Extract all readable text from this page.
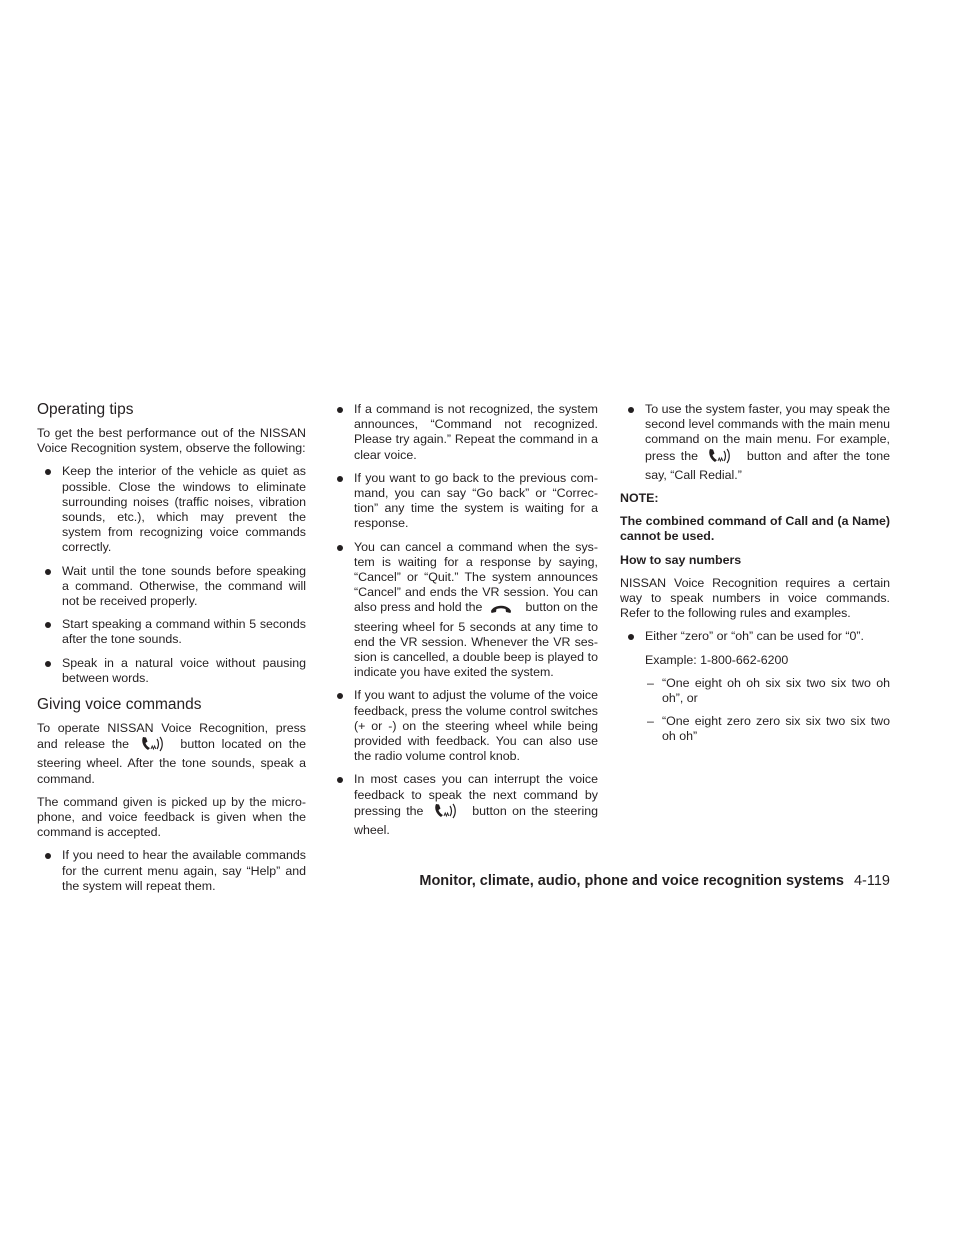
Operating tips

To get the best performance out of the NISSAN Voice Recognition system, observe the following:

Keep the interior of the vehicle as quiet as possible. Close the windows to eliminate surrounding noises (traffic noises, vibration sounds, etc.), which may prevent the system from recognizing voice commands correctly.
Wait until the tone sounds before speaking a command. Otherwise, the command will not be received properly.
Start speaking a command within 5 seconds after the tone sounds.
Speak in a natural voice without pausing between words.
Giving voice commands

To operate NISSAN Voice Recognition, press and release the	button located on the steering wheel. After the tone sounds, speak a command.

The command given is picked up by the micro-phone, and voice feedback is given when the command is accepted.

If you need to hear the available commands for the current menu again, say “Help” and the system will repeat them.
If a command is not recognized, the system announces, “Command not recognized. Please try again.” Repeat the command in a clear voice.
If you want to go back to the previous com-mand, you can say “Go back” or “Correc-tion” any time the system is waiting for a response.
You can cancel a command when the sys-tem is waiting for a response by saying, “Cancel” or “Quit.” The system announces “Cancel” and ends the VR session. You can also press and hold the	button on the steering wheel for 5 seconds at any time to end the VR session. Whenever the VR ses-sion is cancelled, a double beep is played to indicate you have exited the system.
If you want to adjust the volume of the voice feedback, press the volume control switches (+ or -) on the steering wheel while being provided with feedback. You can also use the radio volume control knob.
In most cases you can interrupt the voice feedback to speak the next command by pressing the	button on the steering wheel.
To use the system faster, you may speak the second level commands with the main menu command on the main menu. For example, press the	button and after the tone say, “Call Redial.”

NOTE:

The combined command of Call and (a Name) cannot be used.

How to say numbers

NISSAN Voice Recognition requires a certain way to speak numbers in voice commands. Refer to the following rules and examples.

Either “zero” or “oh” can be used for “0”.
Example: 1-800-662-6200
– “One eight oh oh six six two six two oh oh”, or
– “One eight zero zero six six two six two oh oh”
Monitor, climate, audio, phone and voice recognition systems 4-119
